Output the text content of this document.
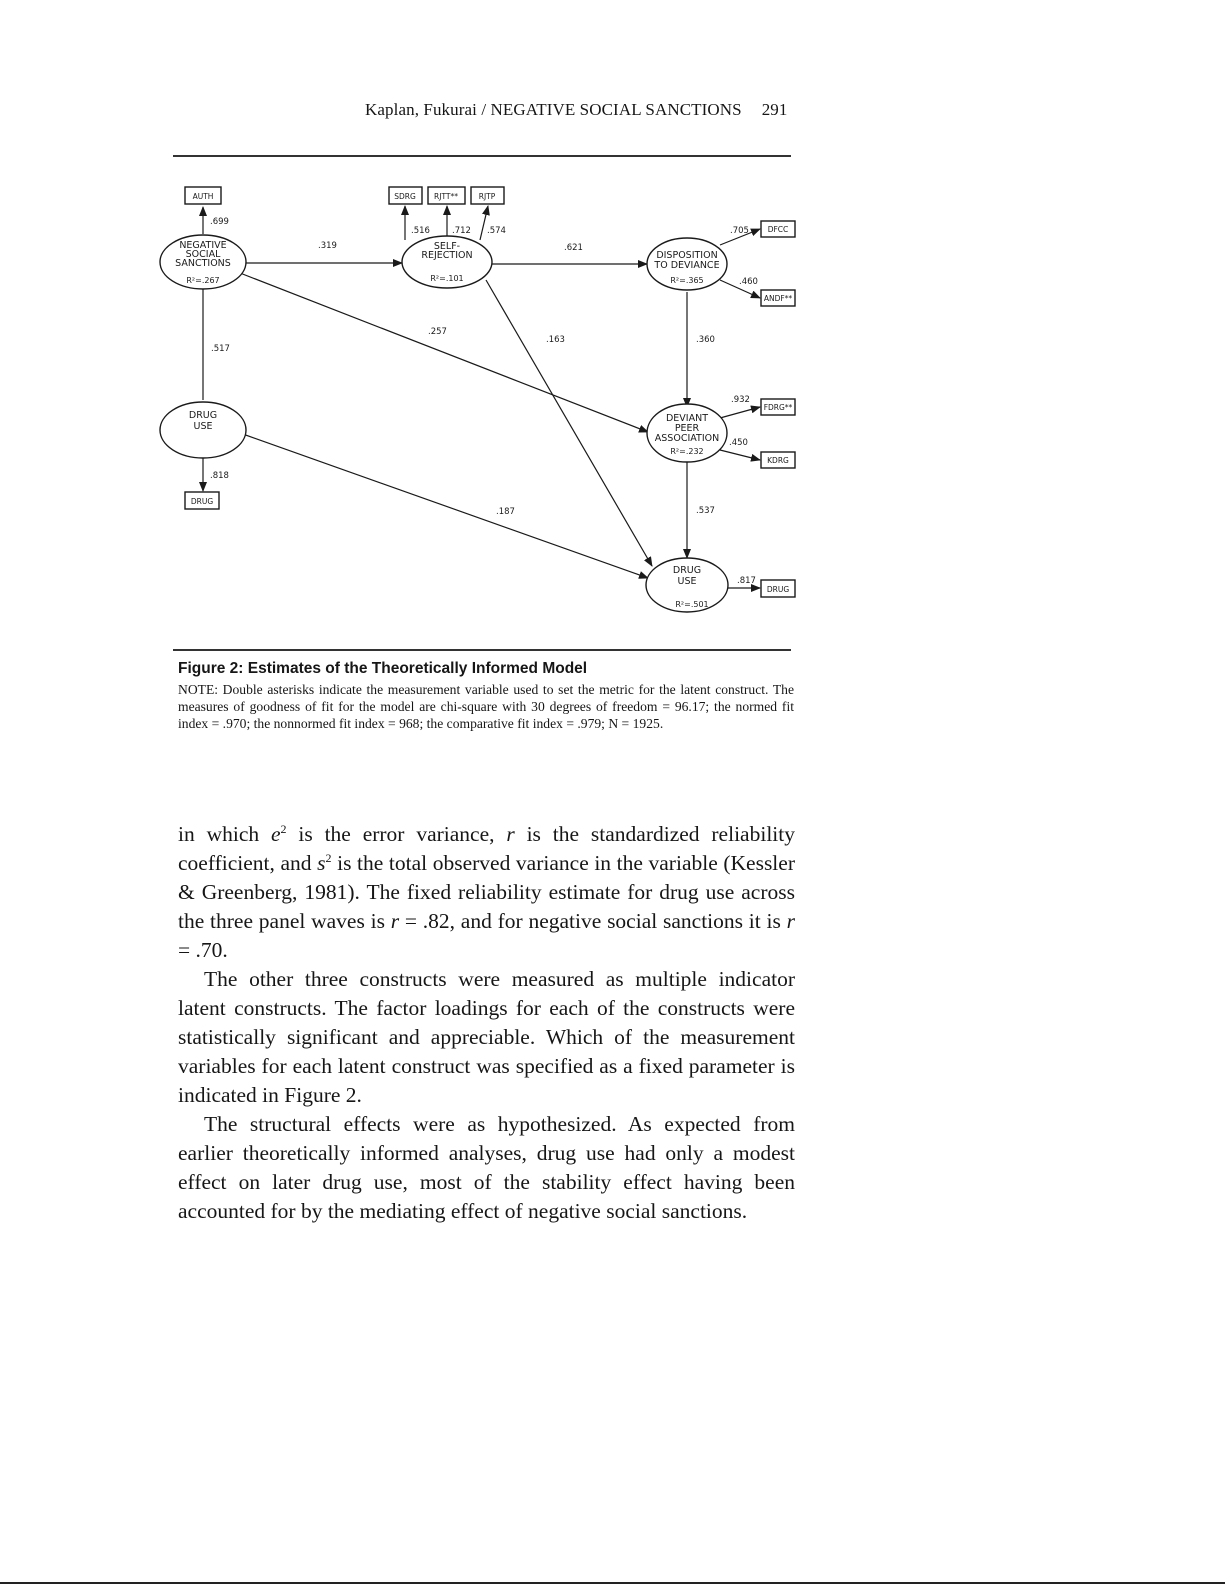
Kaplan, Fukurai / NEGATIVE SOCIAL SANCTIONS 291
NEGATIVE
SOCIAL
SANCTIONS
R²=.267
SELF-
REJECTION
R²=.101
DISPOSITION
TO DEVIANCE
R²=.365
DRUG
USE
DEVIANT
PEER
ASSOCIATION
R²=.232
DRUG
USE
R²=.501
AUTH
DRUG
SDRG RJTT**	RJTP
DFCC
ANDF**
FDRG**
KDRG
DRUG
.699
.818
.516	.712 .574	.705
.460
.932
.450
.817
.517
.319	.621
.257
.163	.360
.537
.187

Figure 2: Estimates of the Theoretically Informed Model

NOTE: Double asterisks indicate the measurement variable used to set the metric for the latent construct. The measures of goodness of fit for the model are chi-square with 30 degrees of freedom = 96.17; the normed fit index = .970; the nonnormed fit index = 968; the comparative fit index = .979; N = 1925.

in which $e^2$ is the error variance, r is the standardized reliability coefficient, and $s^2$ is the total observed variance in the variable (Kessler & Greenberg, 1981). The fixed reliability estimate for drug use across the three panel waves is r = .82, and for negative social sanctions it is r = .70.

The other three constructs were measured as multiple indicator latent constructs. The factor loadings for each of the constructs were statistically significant and appreciable. Which of the measurement variables for each latent construct was specified as a fixed parameter is indicated in Figure 2.

The structural effects were as hypothesized. As expected from earlier theoretically informed analyses, drug use had only a modest effect on later drug use, most of the stability effect having been accounted for by the mediating effect of negative social sanctions.
